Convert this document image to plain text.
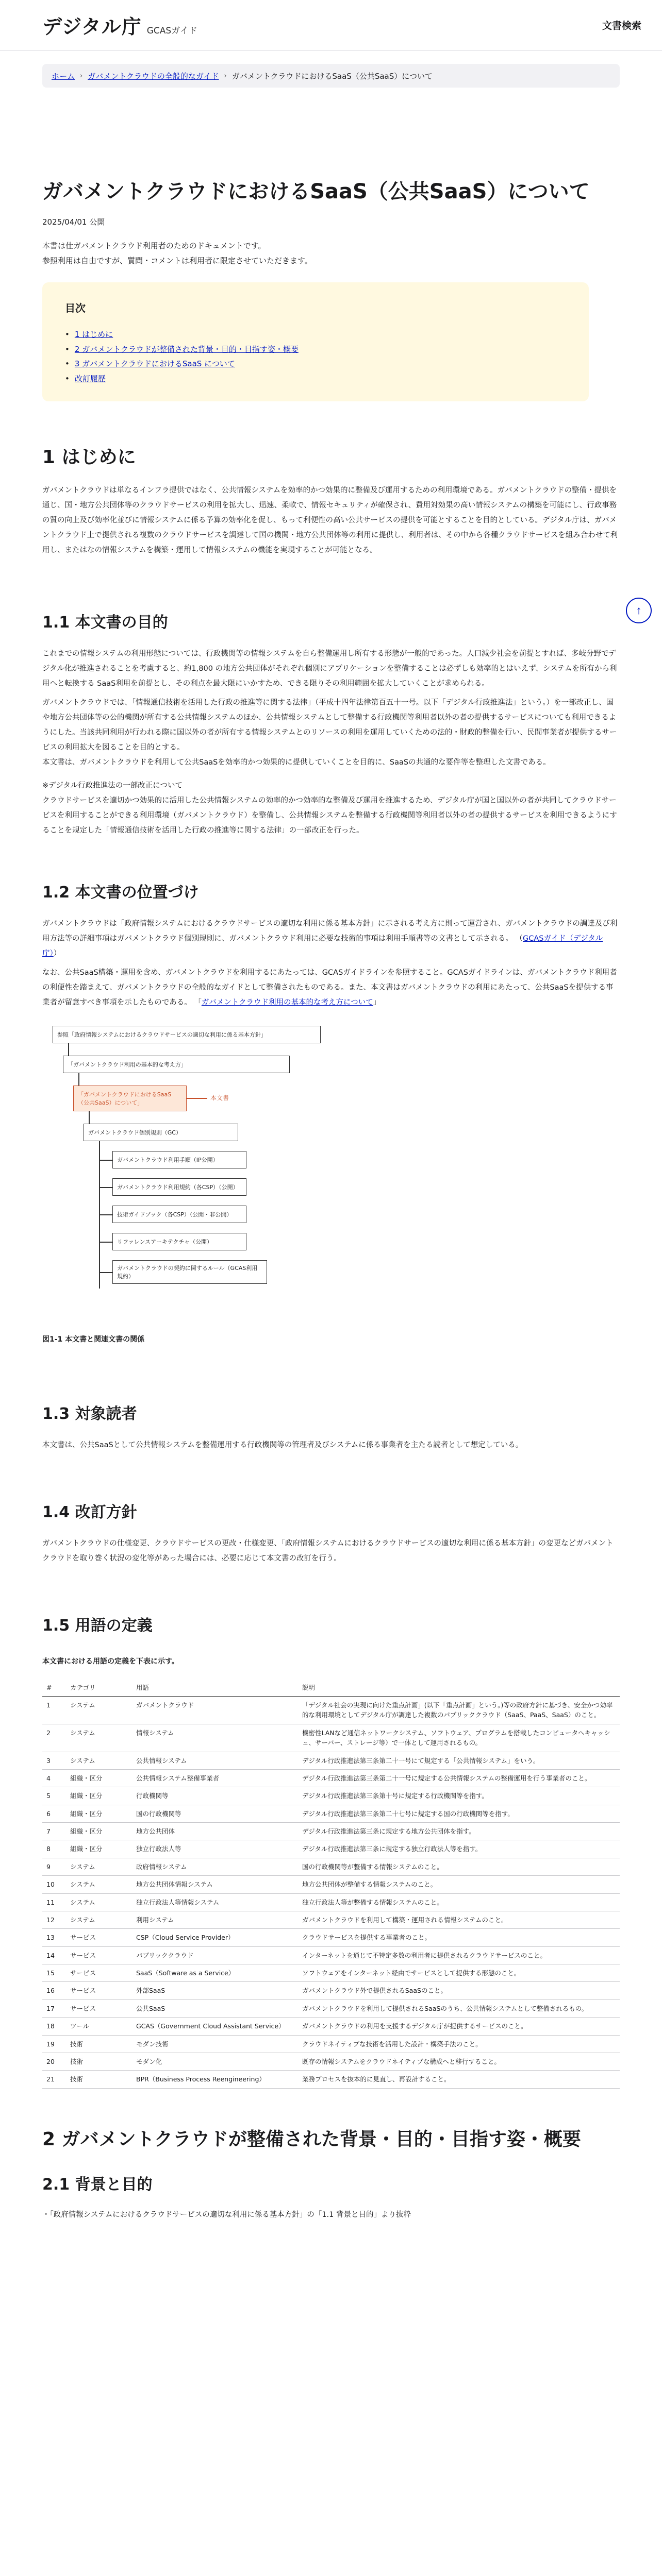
デジタル庁 GCASガイド	文書検索
ホーム › ガバメントクラウドの全般的なガイド › ガバメントクラウドにおけるSaaS（公共SaaS）について
ガバメントクラウドにおけるSaaS（公共SaaS）について
2025/04/01 公開

本書は仕ガバメントクラウド利用者のためのドキュメントです。

参照利用は自由ですが、質問・コメントは利用者に限定させていただきます。

目次
• 1 はじめに
• 2 ガバメントクラウドが整備された背景・目的・目指す姿・概要
• 3 ガバメントクラウドにおけるSaaS について
• 改訂履歴
1 はじめに

ガバメントクラウドは単なるインフラ提供ではなく、公共情報システムを効率的かつ効果的に整備及び運用するための利用環境である。ガバメントクラウドの整備・提供を通じ、国・地方公共団体等のクラウドサービスの利用を拡大し、迅速、柔軟で、情報セキュリティが確保され、費用対効果の高い情報システムの構築を可能にし、行政事務の質の向上及び効率化並びに情報システムに係る予算の効率化を促し、もって利便性の高い公共サービスの提供を可能とすることを目的としている。デジタル庁は、ガバメントクラウド上で提供される複数のクラウドサービスを調達して国の機関・地方公共団体等の利用に提供し、利用者は、その中から各種クラウドサービスを組み合わせて利用し、またはなの情報システムを構築・運用して情報システムの機能を実現することが可能となる。

1.1 本文書の目的

これまでの情報システムの利用形態については、行政機関等の情報システムを自ら整備運用し所有する形態が一般的であった。人口減少社会を前提とすれば、多岐分野でデジタル化が推進されることを考慮すると、約1,800 の地方公共団体がそれぞれ個別にアプリケーションを整備することは必ずしも効率的とはいえず、システムを所有から利用へと転換する SaaS利用を前提とし、その利点を最大限にいかすため、できる限りその利用範囲を拡大していくことが求められる。

ガバメントクラウドでは、「情報通信技術を活用した行政の推進等に関する法律」（平成十四年法律第百五十一号。以下「デジタル行政推進法」という。）を一部改正し、国や地方公共団体等の公的機関が所有する公共情報システムのほか、公共情報システムとして整備する行政機関等利用者以外の者の提供するサービスについても利用できるようにした。当該共同利用が行われる際に国以外の者が所有する情報システムとのリソースの利用を運用していくための法的・財政的整備を行い、民間事業者が提供するサービスの利用拡大を図ることを目的とする。

本文書は、ガバメントクラウドを利用して公共SaaSを効率的かつ効果的に提供していくことを目的に、SaaSの共通的な要件等を整理した文書である。

※デジタル行政推進法の一部改正について

クラウドサービスを適切かつ効果的に活用した公共情報システムの効率的かつ効率的な整備及び運用を推進するため、デジタル庁が国と国以外の者が共同してクラウドサービスを利用することができる利用環境（ガバメントクラウド）を整備し、公共情報システムを整備する行政機関等利用者以外の者の提供するサービスを利用できるようにすることを規定した「情報通信技術を活用した行政の推進等に関する法律」の一部改正を行った。

1.2 本文書の位置づけ

ガバメントクラウドは「政府情報システムにおけるクラウドサービスの適切な利用に係る基本方針」に示される考え方に則って運営され、ガバメントクラウドの調達及び利用方法等の詳細事項はガバメントクラウド個別規則に、ガバメントクラウド利用に必要な技術的事項は利用手順書等の文書として示される。 （GCASガイド（デジタル庁））

なお、公共SaaS構築・運用を含め、ガバメントクラウドを利用するにあたっては、GCASガイドラインを参照すること。GCASガイドラインは、ガバメントクラウド利用者の利便性を踏まえて、ガバメントクラウドの全般的なガイドとして整備されたものである。また、本文書はガバメントクラウドの利用にあたって、公共SaaSを提供する事業者が留意すべき事項を示したものである。 「ガバメントクラウド利用の基本的な考え方について」

参照「政府情報システムにおけるクラウドサービスの適切な利用に係る基本方針」
「ガバメントクラウド利用の基本的な考え方」
「ガバメントクラウドにおけるSaaS（公共SaaS）について」
本文書
ガバメントクラウド個別規則（GC）
ガバメントクラウド利用手順（IP公開）
ガバメントクラウド利用規約（各CSP）（公開）
技術ガイドブック（各CSP）（公開・非公開）
リファレンスアーキテクチャ（公開）
ガバメントクラウドの契約に関するルール（GCAS利用規約）
図1-1 本文書と関連文書の関係
1.3 対象読者

本文書は、公共SaaSとして公共情報システムを整備運用する行政機関等の管理者及びシステムに係る事業者を主たる読者として想定している。

1.4 改訂方針

ガバメントクラウドの仕様変更、クラウドサービスの更改・仕様変更、「政府情報システムにおけるクラウドサービスの適切な利用に係る基本方針」の変更などガバメントクラウドを取り巻く状況の変化等があった場合には、必要に応じて本文書の改訂を行う。

1.5 用語の定義
本文書における用語の定義を下表に示す。
#	カテゴリ	用語	説明
1	システム	ガバメントクラウド	「デジタル社会の実現に向けた重点計画」(以下「重点計画」という。)等の政府方針に基づき、安全かつ効率的な利用環境としてデジタル庁が調達した複数のパブリッククラウド（SaaS、PaaS、SaaS）のこと。
2	システム	情報システム	機密性LANなど通信ネットワークシステム、ソフトウェア、プログラムを搭載したコンピュータへキャッシュ、サーバー、ストレージ等）で一体として運用されるもの。
3	システム	公共情報システム	デジタル行政推進法第三条第二十一号にて規定する「公共情報システム」をいう。
4	組織・区分	公共情報システム整備事業者	デジタル行政推進法第三条第二十一号に規定する公共情報システムの整備運用を行う事業者のこと。
5	組織・区分	行政機関等	デジタル行政推進法第三条第十号に規定する行政機関等を指す。
6	組織・区分	国の行政機関等	デジタル行政推進法第三条第二十七号に規定する国の行政機関等を指す。
7	組織・区分	地方公共団体	デジタル行政推進法第三条に規定する地方公共団体を指す。
8	組織・区分	独立行政法人等	デジタル行政推進法第三条に規定する独立行政法人等を指す。
9	システム	政府情報システム	国の行政機関等が整備する情報システムのこと。
10	システム	地方公共団体情報システム	地方公共団体が整備する情報システムのこと。
11	システム	独立行政法人等情報システム	独立行政法人等が整備する情報システムのこと。
12	システム	利用システム	ガバメントクラウドを利用して構築・運用される情報システムのこと。
13	サービス	CSP（Cloud Service Provider）	クラウドサービスを提供する事業者のこと。
14	サービス	パブリッククラウド	インターネットを通じて不特定多数の利用者に提供されるクラウドサービスのこと。
15	サービス	SaaS（Software as a Service）	ソフトウェアをインターネット経由でサービスとして提供する形態のこと。
16	サービス	外部SaaS	ガバメントクラウド外で提供されるSaaSのこと。
17	サービス	公共SaaS	ガバメントクラウドを利用して提供されるSaaSのうち、公共情報システムとして整備されるもの。
18	ツール	GCAS（Government Cloud Assistant Service）	ガバメントクラウドの利用を支援するデジタル庁が提供するサービスのこと。
19	技術	モダン技術	クラウドネイティブな技術を活用した設計・構築手法のこと。
20	技術	モダン化	既存の情報システムをクラウドネイティブな構成へと移行すること。
21	技術	BPR（Business Process Reengineering）	業務プロセスを抜本的に見直し、再設計すること。
2 ガバメントクラウドが整備された背景・目的・目指す姿・概要
2.1 背景と目的

・「政府情報システムにおけるクラウドサービスの適切な利用に係る基本方針」の「1.1 背景と目的」より抜粋

↑
